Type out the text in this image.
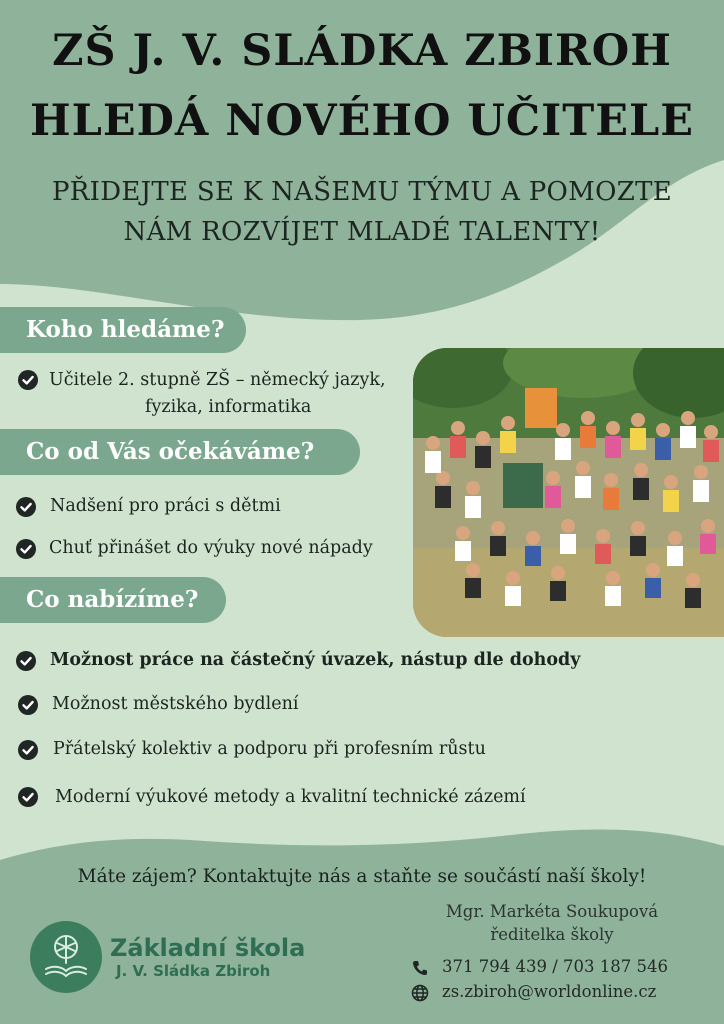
ZŠ J. V. SLÁDKA ZBIROH
HLEDÁ NOVÉHO UČITELE
PŘIDEJTE SE K NAŠEMU TÝMU A POMOZTE
NÁM ROZVÍJET MLADÉ TALENTY!
Koho hledáme?
Učitele 2. stupně ZŠ – německý jazyk,
fyzika, informatika
Co od Vás očekáváme?
Nadšení pro práci s dětmi
Chuť přinášet do výuky nové nápady
Co nabízíme?
Možnost práce na částečný úvazek, nástup dle dohody
Možnost městského bydlení
Přátelský kolektiv a podporu při profesním růstu
Moderní výukové metody a kvalitní technické zázemí
Máte zájem? Kontaktujte nás a staňte se součástí naší školy!
Základní škola
J. V. Sládka Zbiroh
Mgr. Markéta Soukupová
ředitelka školy
371 794 439 / 703 187 546
zs.zbiroh@worldonline.cz
